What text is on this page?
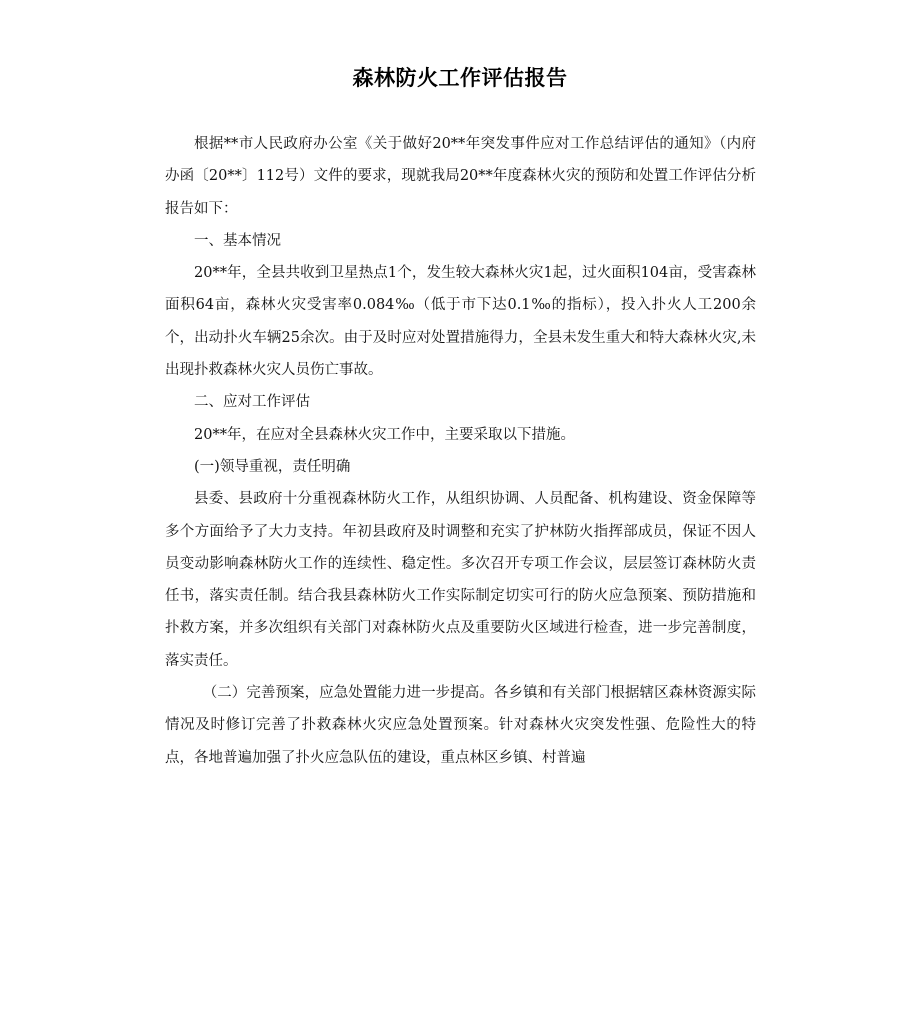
森林防火工作评估报告

根据**市人民政府办公室《关于做好20**年突发事件应对工作总结评估的通知》（内府办函〔20**〕112号）文件的要求，现就我局20**年度森林火灾的预防和处置工作评估分析报告如下：

一、基本情况

20**年，全县共收到卫星热点1个，发生较大森林火灾1起，过火面积104亩，受害森林面积64亩，森林火灾受害率0.084‰（低于市下达0.1‰的指标），投入扑火人工200余个，出动扑火车辆25余次。由于及时应对处置措施得力，全县未发生重大和特大森林火灾,未出现扑救森林火灾人员伤亡事故。

二、应对工作评估

20**年，在应对全县森林火灾工作中，主要采取以下措施。

(一)领导重视，责任明确

县委、县政府十分重视森林防火工作，从组织协调、人员配备、机构建设、资金保障等多个方面给予了大力支持。年初县政府及时调整和充实了护林防火指挥部成员，保证不因人员变动影响森林防火工作的连续性、稳定性。多次召开专项工作会议，层层签订森林防火责任书，落实责任制。结合我县森林防火工作实际制定切实可行的防火应急预案、预防措施和扑救方案，并多次组织有关部门对森林防火点及重要防火区域进行检查，进一步完善制度，落实责任。

（二）完善预案，应急处置能力进一步提高。各乡镇和有关部门根据辖区森林资源实际情况及时修订完善了扑救森林火灾应急处置预案。针对森林火灾突发性强、危险性大的特点，各地普遍加强了扑火应急队伍的建设，重点林区乡镇、村普遍
